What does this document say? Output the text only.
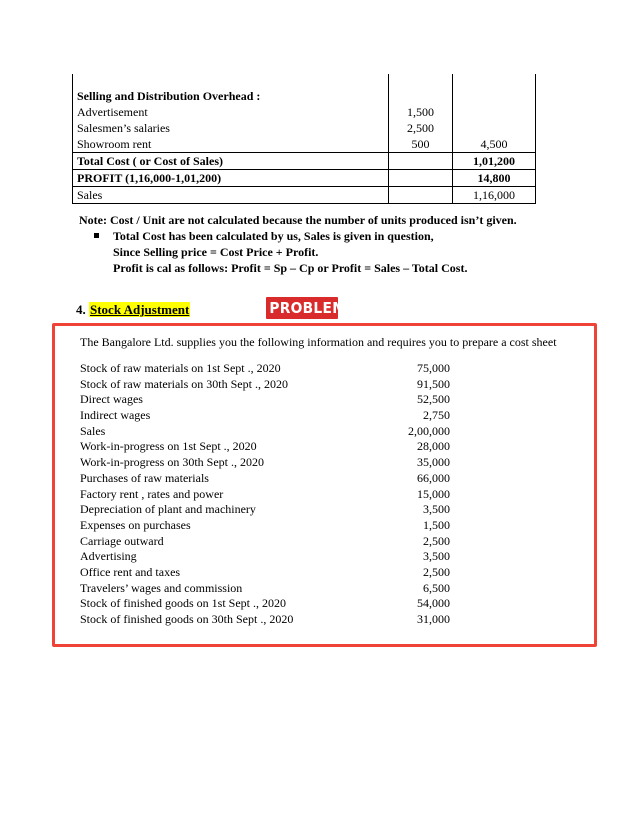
Selling and Distribution Overhead :		
Advertisement	1,500	
Salesmen’s salaries	2,500	
Showroom rent	500	4,500
Total Cost ( or Cost of Sales)		1,01,200
PROFIT (1,16,000-1,01,200)		14,800
Sales		1,16,000
Note: Cost / Unit are not calculated because the number of units produced isn’t given.
Total Cost has been calculated by us, Sales is given in question,
Since Selling price = Cost Price + Profit.
Profit is cal as follows: Profit = Sp – Cp or Profit = Sales – Total Cost.
4. Stock Adjustment	PROBLEM
The Bangalore Ltd. supplies you the following information and requires you to prepare a cost sheet
Stock of raw materials on 1st Sept ., 2020	75,000
Stock of raw materials on 30th Sept ., 2020	91,500
Direct wages	52,500
Indirect wages	2,750
Sales	2,00,000
Work-in-progress on 1st Sept ., 2020	28,000
Work-in-progress on 30th Sept ., 2020	35,000
Purchases of raw materials	66,000
Factory rent , rates and power	15,000
Depreciation of plant and machinery	3,500
Expenses on purchases	1,500
Carriage outward	2,500
Advertising	3,500
Office rent and taxes	2,500
Travelers’ wages and commission	6,500
Stock of finished goods on 1st Sept ., 2020	54,000
Stock of finished goods on 30th Sept ., 2020	31,000
